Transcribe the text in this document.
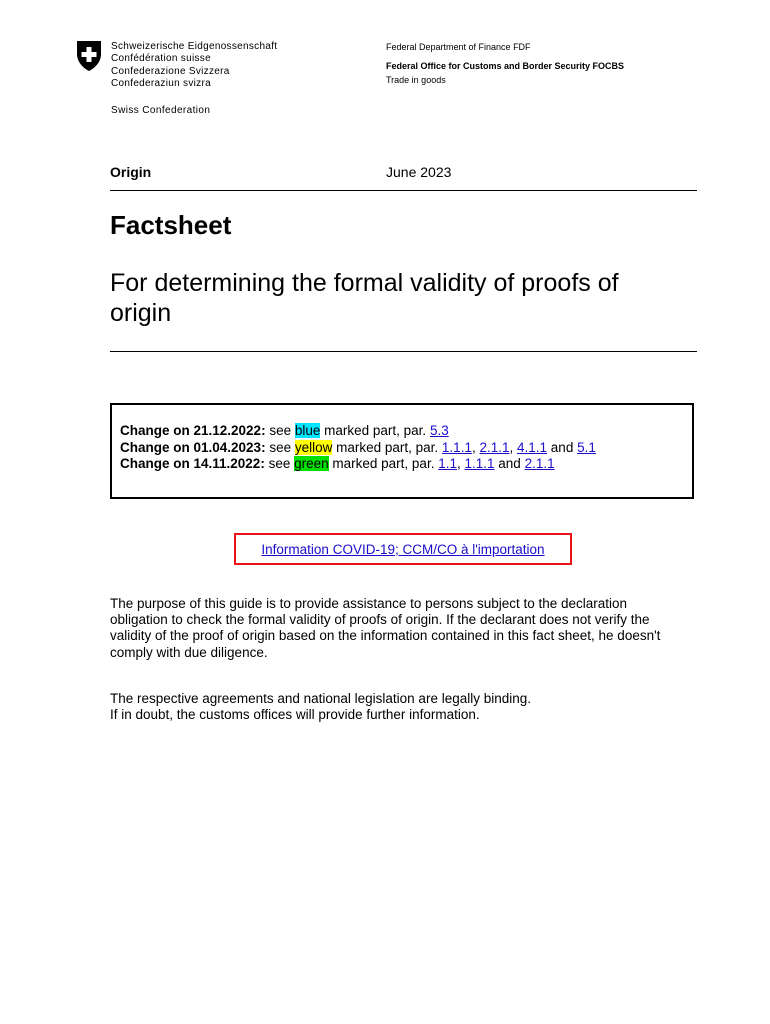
Schweizerische Eidgenossenschaft
Confédération suisse
Confederazione Svizzera
Confederaziun svizra
Swiss Confederation
Federal Department of Finance FDF
Federal Office for Customs and Border Security FOCBS
Trade in goods
Origin	June 2023
Factsheet
For determining the formal validity of proofs of
origin
Change on 21.12.2022: see blue marked part, par. 5.3
Change on 01.04.2023: see yellow marked part, par. 1.1.1, 2.1.1, 4.1.1 and 5.1
Change on 14.11.2022: see green marked part, par. 1.1, 1.1.1 and 2.1.1
Information COVID-19; CCM/CO à l'importation
The purpose of this guide is to provide assistance to persons subject to the declaration
obligation to check the formal validity of proofs of origin. If the declarant does not verify the
validity of the proof of origin based on the information contained in this fact sheet, he doesn't
comply with due diligence.
The respective agreements and national legislation are legally binding.
If in doubt, the customs offices will provide further information.
